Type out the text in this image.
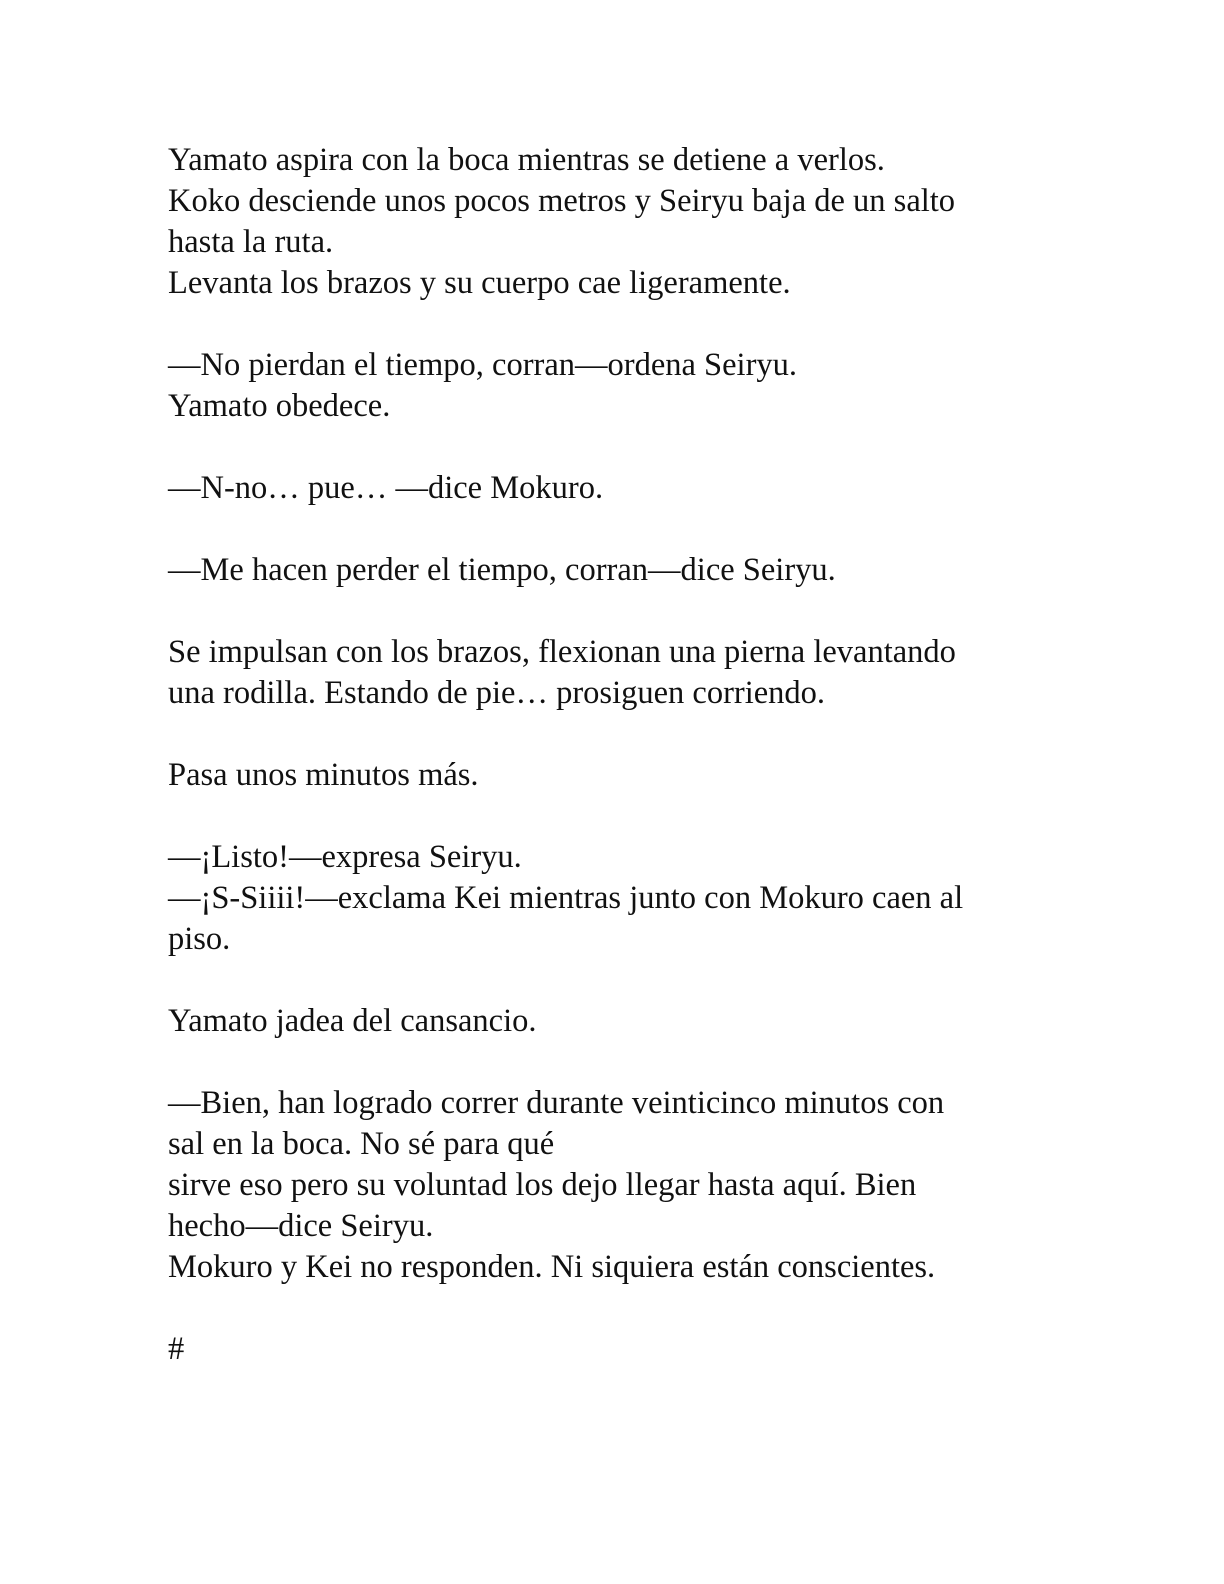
Yamato aspira con la boca mientras se detiene a verlos.
Koko desciende unos pocos metros y Seiryu baja de un salto
hasta la ruta.
Levanta los brazos y su cuerpo cae ligeramente.
—No pierdan el tiempo, corran—ordena Seiryu.
Yamato obedece.
—N-no… pue… —dice Mokuro.
—Me hacen perder el tiempo, corran—dice Seiryu.
Se impulsan con los brazos, flexionan una pierna levantando
una rodilla. Estando de pie… prosiguen corriendo.
Pasa unos minutos más.
—¡Listo!—expresa Seiryu.
—¡S-Siiii!—exclama Kei mientras junto con Mokuro caen al
piso.
Yamato jadea del cansancio.
—Bien, han logrado correr durante veinticinco minutos con
sal en la boca. No sé para qué
sirve eso pero su voluntad los dejo llegar hasta aquí. Bien
hecho—dice Seiryu.
Mokuro y Kei no responden. Ni siquiera están conscientes.
#
